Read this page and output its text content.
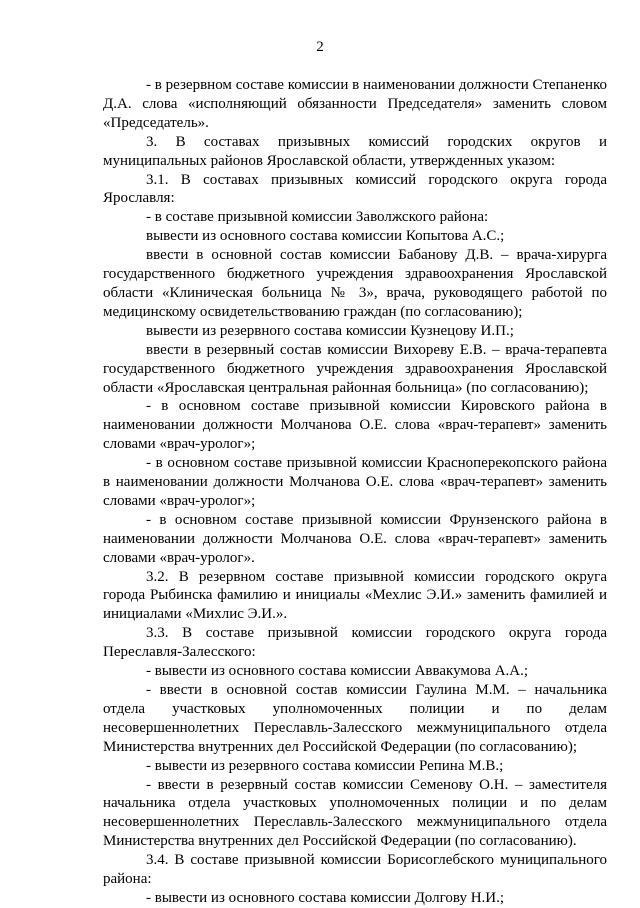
2

- в резервном составе комиссии в наименовании должности Степаненко Д.А. слова «исполняющий обязанности Председателя» заменить словом «Председатель».

3. В составах призывных комиссий городских округов и муниципальных районов Ярославской области, утвержденных указом:

3.1. В составах призывных комиссий городского округа города Ярославля:

- в составе призывной комиссии Заволжского района:

вывести из основного состава комиссии Копытова А.С.;

ввести в основной состав комиссии Бабанову Д.В. – врача-хирурга государственного бюджетного учреждения здравоохранения Ярославской области «Клиническая больница № 3», врача, руководящего работой по медицинскому освидетельствованию граждан (по согласованию);

вывести из резервного состава комиссии Кузнецову И.П.;

ввести в резервный состав комиссии Вихореву Е.В. – врача-терапевта государственного бюджетного учреждения здравоохранения Ярославской области «Ярославская центральная районная больница» (по согласованию);

- в основном составе призывной комиссии Кировского района в наименовании должности Молчанова О.Е. слова «врач-терапевт» заменить словами «врач-уролог»;

- в основном составе призывной комиссии Красноперекопского района в наименовании должности Молчанова О.Е. слова «врач-терапевт» заменить словами «врач-уролог»;

- в основном составе призывной комиссии Фрунзенского района в наименовании должности Молчанова О.Е. слова «врач-терапевт» заменить словами «врач-уролог».

3.2. В резервном составе призывной комиссии городского округа города Рыбинска фамилию и инициалы «Мехлис Э.И.» заменить фамилией и инициалами «Михлис Э.И.».

3.3. В составе призывной комиссии городского округа города Переславля-Залесского:

- вывести из основного состава комиссии Аввакумова А.А.;

- ввести в основной состав комиссии Гаулина М.М. – начальника отдела участковых уполномоченных полиции и по делам несовершеннолетних Переславль-Залесского межмуниципального отдела Министерства внутренних дел Российской Федерации (по согласованию);

- вывести из резервного состава комиссии Репина М.В.;

- ввести в резервный состав комиссии Семенову О.Н. – заместителя начальника отдела участковых уполномоченных полиции и по делам несовершеннолетних Переславль-Залесского межмуниципального отдела Министерства внутренних дел Российской Федерации (по согласованию).

3.4. В составе призывной комиссии Борисоглебского муниципального района:

- вывести из основного состава комиссии Долгову Н.И.;
